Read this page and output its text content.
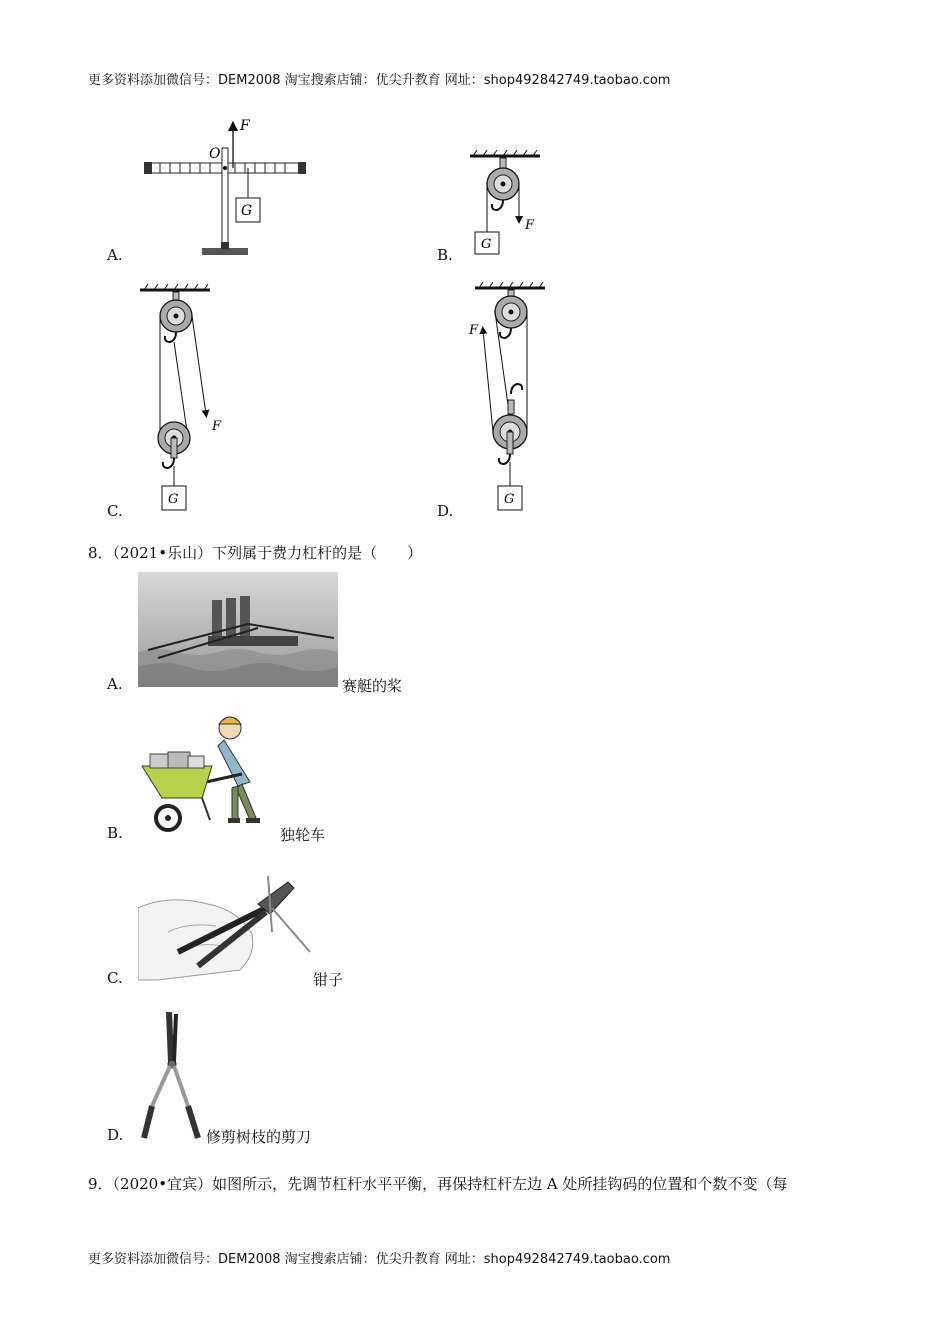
更多资料添加微信号：DEM2008 淘宝搜索店铺：优尖升教育 网址：shop492842749.taobao.com
G
O
F
A.
G
F
B.
G
F
C.
G
F
D.
8．（2021•乐山）下列属于费力杠杆的是（　　）
A.	赛艇的桨
B.	独轮车
C.	钳子
D.	修剪树枝的剪刀
9．（2020•宜宾）如图所示，先调节杠杆水平平衡，再保持杠杆左边 A 处所挂钩码的位置和个数不变（每
更多资料添加微信号：DEM2008 淘宝搜索店铺：优尖升教育 网址：shop492842749.taobao.com
